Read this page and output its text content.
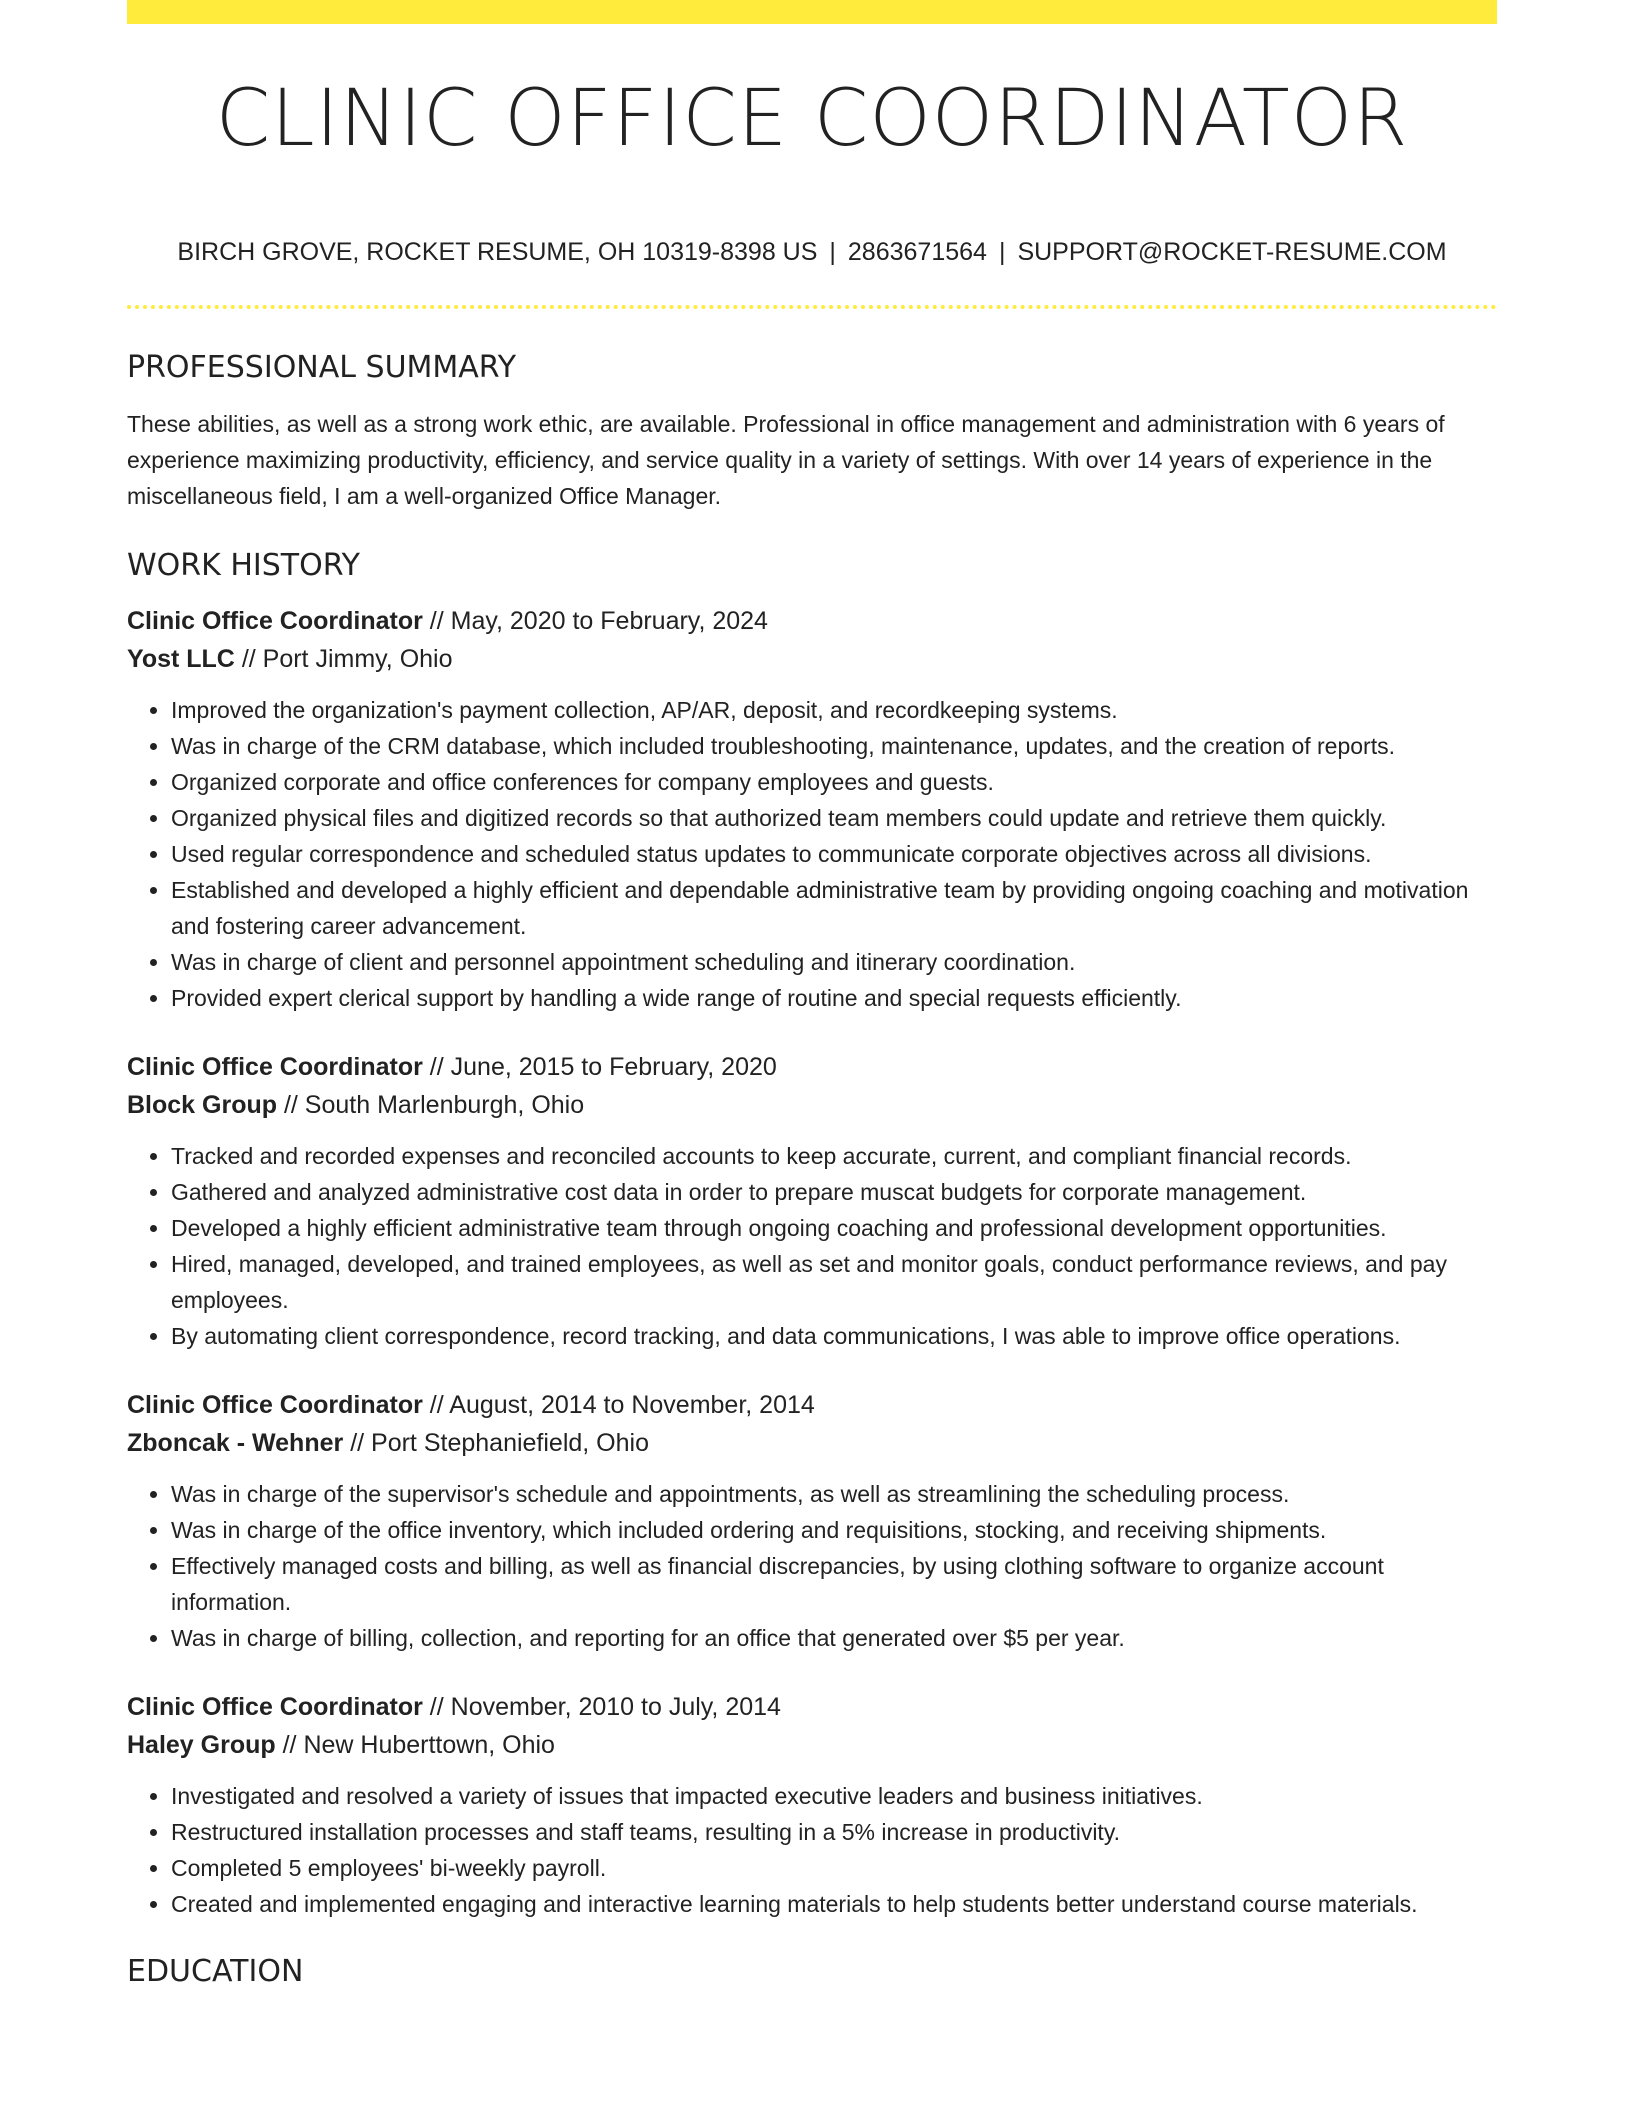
CLINIC OFFICE COORDINATOR
BIRCH GROVE, ROCKET RESUME, OH 10319-8398 US | 2863671564 | SUPPORT@ROCKET-RESUME.COM
PROFESSIONAL SUMMARY

These abilities, as well as a strong work ethic, are available. Professional in office management and administration with 6 years of experience maximizing productivity, efficiency, and service quality in a variety of settings. With over 14 years of experience in the miscellaneous field, I am a well-organized Office Manager.

WORK HISTORY
Clinic Office Coordinator // May, 2020 to February, 2024
Yost LLC // Port Jimmy, Ohio
• Improved the organization's payment collection, AP/AR, deposit, and recordkeeping systems.
• Was in charge of the CRM database, which included troubleshooting, maintenance, updates, and the creation of reports.
• Organized corporate and office conferences for company employees and guests.
• Organized physical files and digitized records so that authorized team members could update and retrieve them quickly.
• Used regular correspondence and scheduled status updates to communicate corporate objectives across all divisions.
• Established and developed a highly efficient and dependable administrative team by providing ongoing coaching and motivation and fostering career advancement.
• Was in charge of client and personnel appointment scheduling and itinerary coordination.
• Provided expert clerical support by handling a wide range of routine and special requests efficiently.
Clinic Office Coordinator // June, 2015 to February, 2020
Block Group // South Marlenburgh, Ohio
• Tracked and recorded expenses and reconciled accounts to keep accurate, current, and compliant financial records.
• Gathered and analyzed administrative cost data in order to prepare muscat budgets for corporate management.
• Developed a highly efficient administrative team through ongoing coaching and professional development opportunities.
• Hired, managed, developed, and trained employees, as well as set and monitor goals, conduct performance reviews, and pay employees.
• By automating client correspondence, record tracking, and data communications, I was able to improve office operations.
Clinic Office Coordinator // August, 2014 to November, 2014
Zboncak - Wehner // Port Stephaniefield, Ohio
• Was in charge of the supervisor's schedule and appointments, as well as streamlining the scheduling process.
• Was in charge of the office inventory, which included ordering and requisitions, stocking, and receiving shipments.
• Effectively managed costs and billing, as well as financial discrepancies, by using clothing software to organize account information.
• Was in charge of billing, collection, and reporting for an office that generated over $5 per year.
Clinic Office Coordinator // November, 2010 to July, 2014
Haley Group // New Huberttown, Ohio
• Investigated and resolved a variety of issues that impacted executive leaders and business initiatives.
• Restructured installation processes and staff teams, resulting in a 5% increase in productivity.
• Completed 5 employees' bi-weekly payroll.
• Created and implemented engaging and interactive learning materials to help students better understand course materials.
EDUCATION
